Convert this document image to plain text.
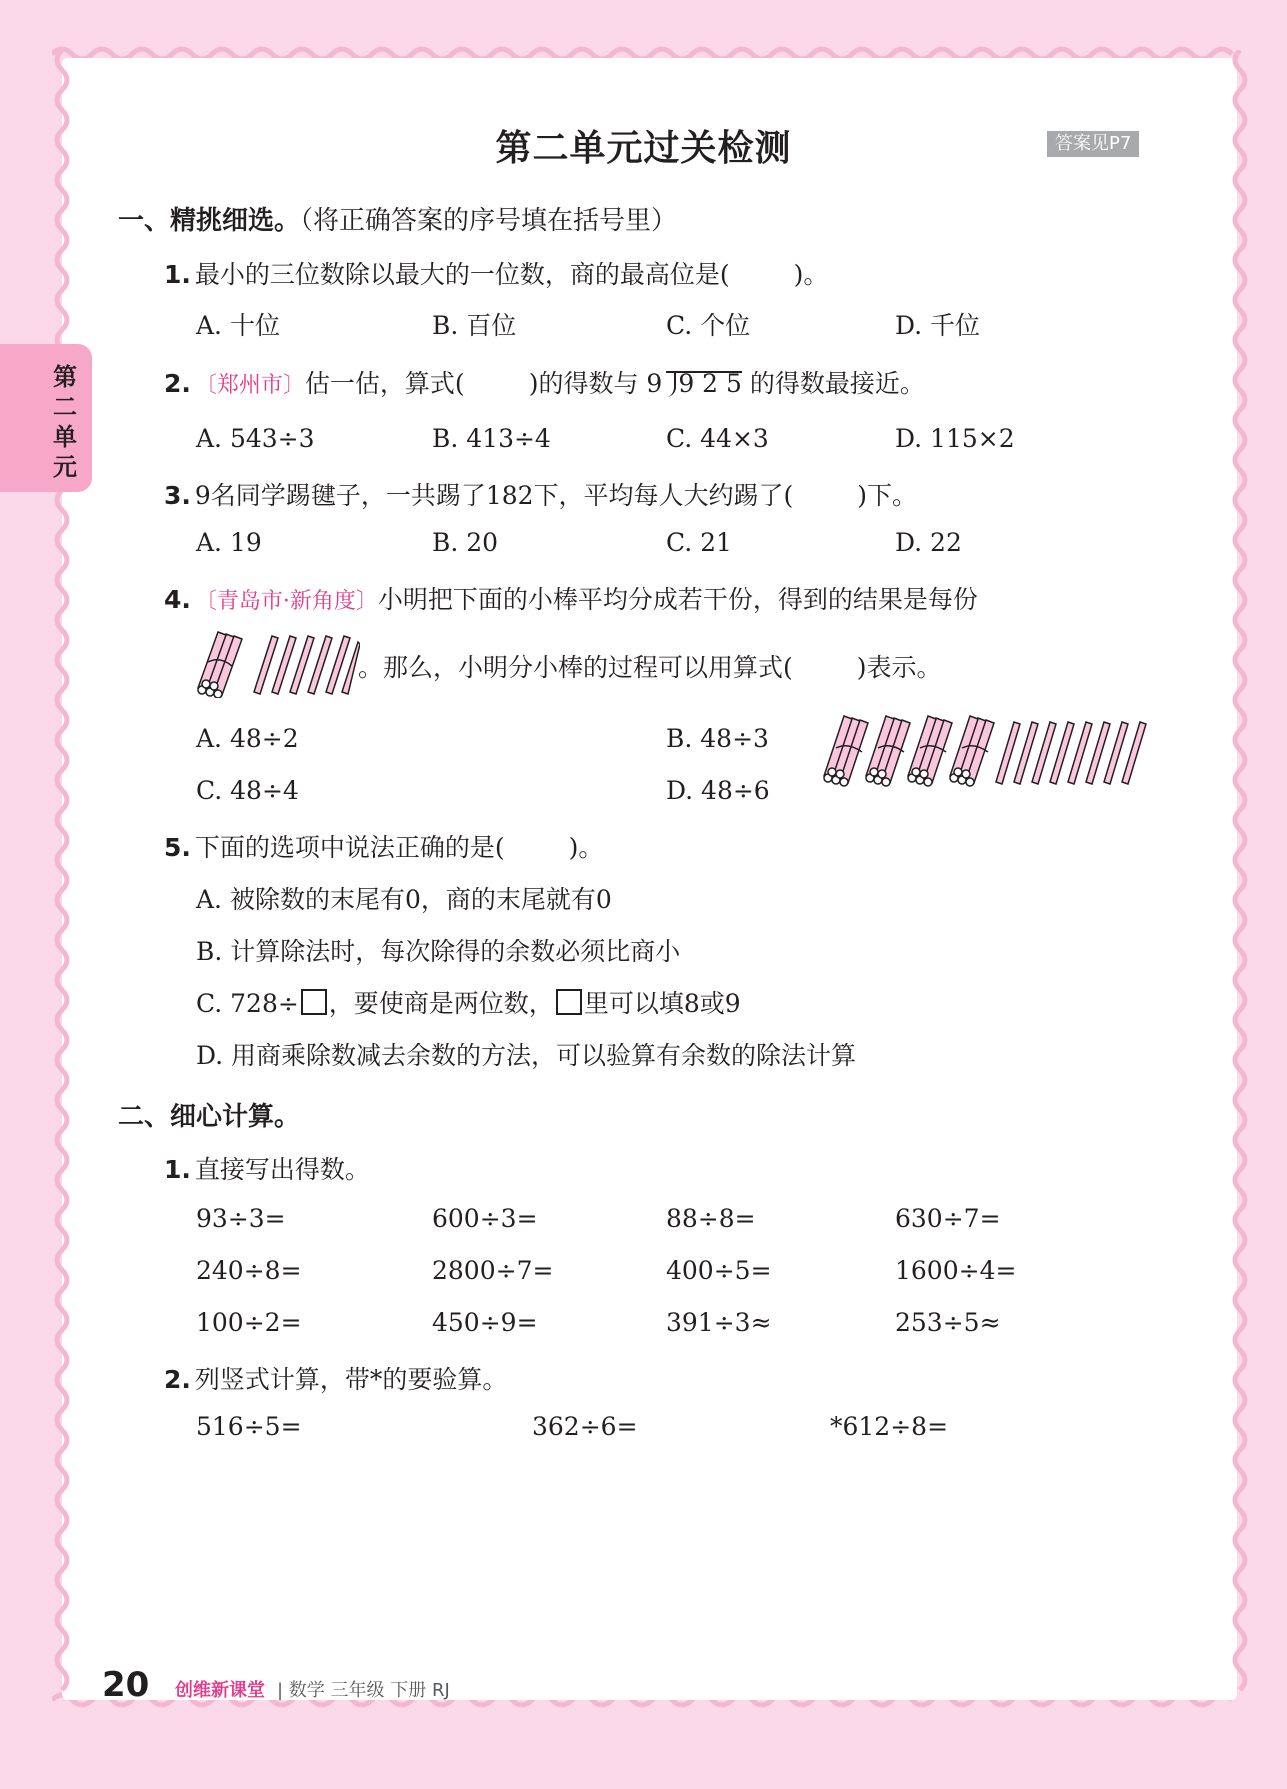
第二单元
第二单元过关检测	答案见P7
一、精挑细选。（将正确答案的序号填在括号里）
1. 最小的三位数除以最大的一位数，商的最高位是(	)。
A. 十位	B. 百位	C. 个位	D. 千位
2. 〔郑州市〕估一估，算式(	)的得数与 9 9 2 5 的得数最接近。
A. 543÷3	B. 413÷4	C. 44×3	D. 115×2
3. 9名同学踢毽子，一共踢了182下，平均每人大约踢了(	)下。
A. 19	B. 20	C. 21	D. 22
4. 〔青岛市·新角度〕小明把下面的小棒平均分成若干份，得到的结果是每份
。那么，小明分小棒的过程可以用算式(	)表示。
A. 48÷2	B. 48÷3
C. 48÷4	D. 48÷6
5. 下面的选项中说法正确的是(	)。
A. 被除数的末尾有0，商的末尾就有0
B. 计算除法时，每次除得的余数必须比商小
C. 728÷ ，要使商是两位数， 里可以填8或9
D. 用商乘除数减去余数的方法，可以验算有余数的除法计算
二、细心计算。
1. 直接写出得数。
93÷3=	600÷3=	88÷8=	630÷7=
240÷8=	2800÷7=	400÷5=	1600÷4=
100÷2=	450÷9=	391÷3≈	253÷5≈
2. 列竖式计算，带*的要验算。
516÷5=	362÷6=	*612÷8=
20 创维新课堂 | 数学 三年级 下册 RJ
